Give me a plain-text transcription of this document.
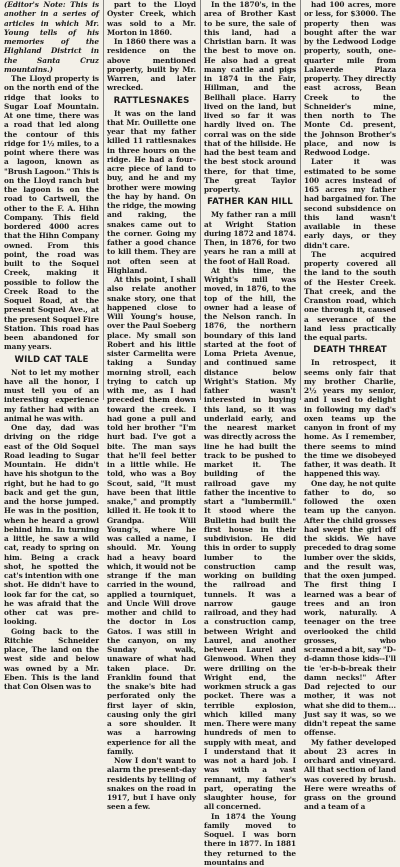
(Editor's Note: This is another in a series of articles in which Mr. Young tells of his memories of the Highland District in the Santa Cruz mountains.)

The Lloyd property is on the north end of the ridge that looks to Sugar Loaf Mountain. At one time, there was a road that led along the contour of this ridge for 1½ miles, to a point where there was a lagoon, known as "Brush Lagoon." This is on the Lloyd ranch but the lagoon is on the road to Cartwell, the other to the F. A. Hihn Company. This field bordered 4000 acres that the Hihn Company owned. From this point, the road was built to the Soquel Creek, making it possible to follow the Creek Road to the Soquel Road, at the present Soquel Ave., at the present Soquel Fire Station. This road has been abandoned for many years.

WILD CAT TALE

Not to let my mother have all the honor, I must tell you of an interesting experience my father had with an animal he was with.

One day, dad was driving on the ridge east of the Old Soquel Road leading to Sugar Mountain. He didn't have his shotgun to the right, but he had to go back and get the gun, and the horse jumped. He was in the position, when he heard a growl behind him. In turning a little, he saw a wild cat, ready to spring on him. Being a crack shot, he spotted the cat's intention with one shot. He didn't have to look far for the cat, so he was afraid that the other cat was pre-looking.

Going back to the Ritchie Schneider place, The land on the west side and below was owned by a Mr. Eben. This is the land that Con Olsen was to

part to the Lloyd Oyster Creek, which was sold to a Mr. Morton in 1860.

In 1860 there was a residence on the above mentioned property, built by Mr. Warren, and later wrecked.

RATTLESNAKES

It was on the land that Mr. Ouillette one year that my father killed 11 rattlesnakes in three hours on the ridge. He had a four-acre piece of land to buy, and he and my brother were mowing the hay by hand. On the ridge, the mowing and raking, the snakes came out to the corner. Going my father a good chance to kill them. They are not often seen at Highland.

At this point, I shall also relate another snake story, one that happened close to Will Young's house, over the Paul Soeberg place. My small son Robert and his little sister Carmelita were taking a Sunday morning stroll, each trying to catch up with me, as I had preceded them down toward the creek. I had gone a pull and told her brother "I'm hurt bad. I've got a bite. The man says that he'll feel better in a little while. He told, who was a Boy Scout, said, "It must have been that little snake," and promptly killed it. He took it to Grandpa. Will Young's, where he was called a name, I should. Mr. Young had a heavy board which, it would not be strange if the man carried in the wound, applied a tourniquet, and Uncle Will drove mother and child to the doctor in Los Gatos. I was still in the canyon, on my Sunday walk, unaware of what had taken place. Dr. Franklin found that the snake's bite had perforated only the first layer of skin, causing only the girl a sore shoulder. It was a harrowing experience for all the family.

Now I don't want to alarm the present-day residents by telling of snakes on the road in 1917, but I have only seen a few.

In the 1870's, in the area of Brother Kast to be sure, the sale of this land, had a Christian barn. It was the best to move on. He also had a great many cattle and pigs in 1874 in the Fair, Hillman, and the Bellhall place. Harry lived on the land, but lived so far it was hardly lived on. The corral was on the side that of the hillside. He had the best team and the best stock around there, for that time, The great Taylor property.

FATHER KAN HILL

My father ran a mill at Wright Station during 1872 and 1874. Then, in 1876, for two years he ran a mill at the foot of Hall Road.

At this time, the Wright's mill was moved, in 1876, to the top of the hill, the owner had a lease of the Nelson ranch. In 1876, the northern boundary of this land started at the foot of Loma Prieta Avenue, and continued same distance below Wright's Station. My father wasn't interested in buying this land, so it was underlaid early, and the nearest market was directly across the line he had built the track to be pushed to market it. The building of the railroad gave my father the incentive to start a "lumbermill." It stood where the Bulletin had built the first house in their subdivision. He did this in order to supply lumber to the construction camp working on building the railroad and tunnels. It was a narrow gauge railroad, and they had a construction camp, between Wright and Laurel, and another between Laurel and Glenwood. When they were drilling on the Wright end, the workmen struck a gas pocket. There was a terrible explosion, which killed many men. There were many hundreds of men to supply with meat, and I understand that it was not a hard job. I was with a vast remnant, my father's part, operating the slaughter house, for all concerned.

In 1874 the Young family moved to Soquel. I was born there in 1877. In 1881 they returned to the mountains and

had 100 acres, more or less, for $3000. The property then was bought after the war by the Ledwood Lodge property, south, one-quarter mile from Lalaverde Plaza property. They directly east across, Bean Creek to the Schneider's mine, then north to The Monte Cd. present, the Johnson Brother's place, and now is Redwood Lodge.

Later it was estimated to be some 100 acres instead of 165 acres my father had bargained for. The second subsidence on this land wasn't available in these early days, or they didn't care.

The acquired property covered all the land to the south of the Hester Creek. That creek, and the Cranston road, which one through it, caused a severance of the land less practically the equal parts.

DEATH THREAT

In retrospect, it seems only fair that my brother Charlie, 2½ years my senior, and I used to delight in following my dad's oxen teams up the canyon in front of my home. As I remember, there seems to mind the time we disobeyed father, it was death. It happened this way.

One day, he not quite father to do, so followed the oxen team up the canyon. After the child grosses had swept the girl off the skids. We have preceded to drag some lumber over the skids, and the result was, that the oxen jumped. The first thing I learned was a bear of trees and an iron work, naturally. A teenager on the tree overlooked the child grosses, who screamed a bit, say "D-d-damn those kids--I'll tie 'er-b-b-break their damn necks!" After Dad rejected to our mother, it was not what she did to them... Just say it was, so we didn't repeat the same offense.

My father developed about 23 acres in orchard and vineyard. All that section of land was covered by brush. Here were wreaths of grass on the ground and a team of a
